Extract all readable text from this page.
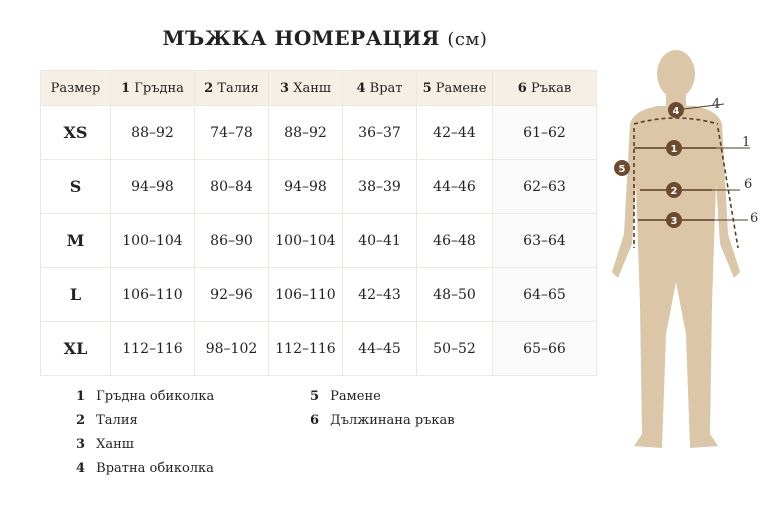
МЪЖКА НОМЕРАЦИЯ (см)
Размер	1 Гръдна	2 Талия	3 Ханш	4 Врат	5 Рамене	6 Ръкав
XS	88–92	74–78	88–92	36–37	42–44	61–62
S	94–98	80–84	94–98	38–39	44–46	62–63
M	100–104	86–90	100–104	40–41	46–48	63–64
L	106–110	92–96	106–110	42–43	48–50	64–65
XL	112–116	98–102	112–116	44–45	50–52	65–66
1 Гръдна обиколка
2 Талия
3 Ханш
4 Вратна обиколка
5 Рамене
6 Дължинана ръкав
1
2
3
4
5
4
1
6
6
